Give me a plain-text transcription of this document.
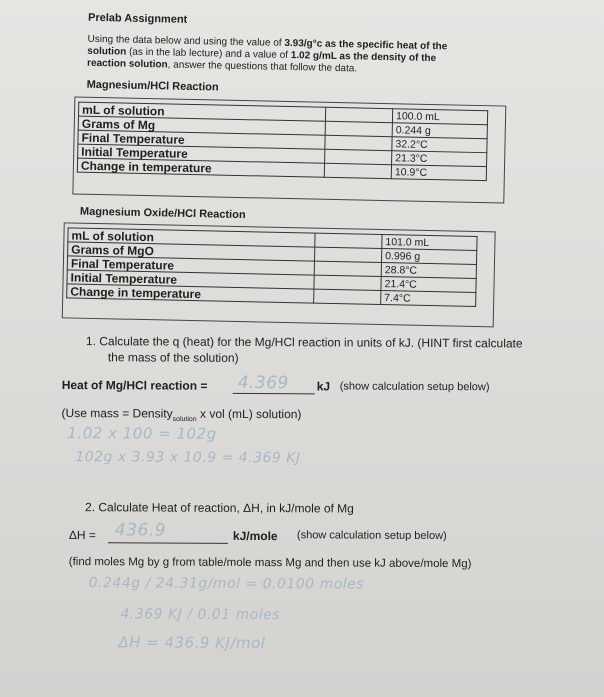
Prelab Assignment
Using the data below and using the value of 3.93/g°c as the specific heat of the
solution (as in the lab lecture) and a value of 1.02 g/mL as the density of the
reaction solution, answer the questions that follow the data.
Magnesium/HCl Reaction
mL of solution		100.0 mL
Grams of Mg		0.244 g
Final Temperature		32.2°C
Initial Temperature		21.3°C
Change in temperature		10.9°C
Magnesium Oxide/HCl Reaction
mL of solution		101.0 mL
Grams of MgO		0.996 g
Final Temperature		28.8°C
Initial Temperature		21.4°C
Change in temperature		7.4°C
1. Calculate the q (heat) for the Mg/HCl reaction in units of kJ. (HINT first calculate
the mass of the solution)
Heat of Mg/HCl reaction = 4.369 kJ (show calculation setup below)
(Use mass = Density$_{solution}$ x vol (mL) solution)
1.02 x 100 = 102g
102g x 3.93 x 10.9 = 4.369 KJ
2. Calculate Heat of reaction, ΔH, in kJ/mole of Mg
ΔH = 436.9	kJ/mole (show calculation setup below)
(find moles Mg by g from table/mole mass Mg and then use kJ above/mole Mg)
0.244g / 24.31g/mol = 0.0100 moles
4.369 KJ / 0.01 moles
ΔH = 436.9 KJ/mol
